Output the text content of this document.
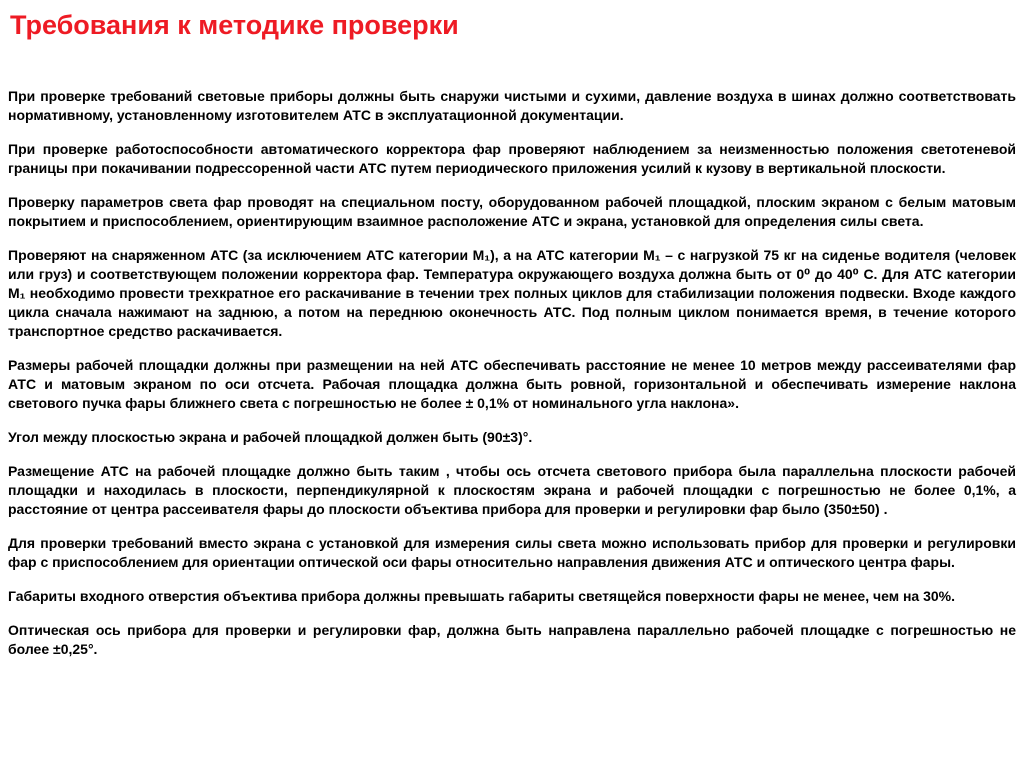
Требования к методике проверки

При проверке требований световые приборы должны быть снаружи чистыми и сухими, давление воздуха в шинах должно соответствовать нормативному, установленному изготовителем АТС в эксплуатационной документации.

При проверке работоспособности автоматического корректора фар проверяют наблюдением за неизменностью положения светотеневой границы при покачивании подрессоренной части АТС путем периодического приложения усилий к кузову в вертикальной плоскости.

Проверку параметров света фар проводят на специальном посту, оборудованном рабочей площадкой, плоским экраном с белым матовым покрытием и приспособлением, ориентирующим взаимное расположение АТС и экрана, установкой для определения силы света.

Проверяют на снаряженном АТС (за исключением АТС категории М₁), а на АТС категории М₁ – с нагрузкой 75 кг на сиденье водителя (человек или груз) и соответствующем положении корректора фар. Температура окружающего воздуха должна быть от 0⁰ до 40⁰ С. Для АТС категории М₁ необходимо провести трехкратное его раскачивание в течении трех полных циклов для стабилизации положения подвески. Входе каждого цикла сначала нажимают на заднюю, а потом на переднюю оконечность АТС. Под полным циклом понимается время, в течение которого транспортное средство раскачивается.

Размеры рабочей площадки должны при размещении на ней АТС обеспечивать расстояние не менее 10 метров между рассеивателями фар АТС и матовым экраном по оси отсчета. Рабочая площадка должна быть ровной, горизонтальной и обеспечивать измерение наклона светового пучка фары ближнего света с погрешностью не более ± 0,1% от номинального угла наклона».

Угол между плоскостью экрана и рабочей площадкой должен быть (90±3)°.

Размещение АТС на рабочей площадке должно быть таким , чтобы ось отсчета светового прибора была параллельна плоскости рабочей площадки и находилась в плоскости, перпендикулярной к плоскостям экрана и рабочей площадки с погрешностью не более 0,1%, а расстояние от центра рассеивателя фары до плоскости объектива прибора для проверки и регулировки фар было (350±50) .

Для проверки требований вместо экрана с установкой для измерения силы света можно использовать прибор для проверки и регулировки фар с приспособлением для ориентации оптической оси фары относительно направления движения АТС и оптического центра фары.

Габариты входного отверстия объектива прибора должны превышать габариты светящейся поверхности фары не менее, чем на 30%.

Оптическая ось прибора для проверки и регулировки фар, должна быть направлена параллельно рабочей площадке с погрешностью не более ±0,25°.
